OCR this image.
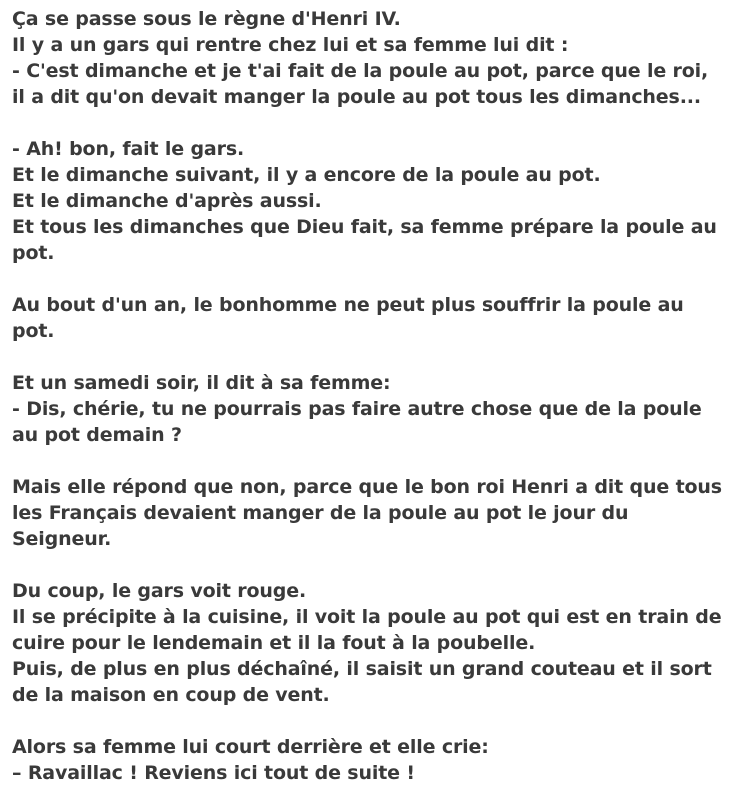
Ça se passe sous le règne d'Henri IV.
Il y a un gars qui rentre chez lui et sa femme lui dit :
- C'est dimanche et je t'ai fait de la poule au pot, parce que le roi,
il a dit qu'on devait manger la poule au pot tous les dimanches...
- Ah! bon, fait le gars.
Et le dimanche suivant, il y a encore de la poule au pot.
Et le dimanche d'après aussi.
Et tous les dimanches que Dieu fait, sa femme prépare la poule au
pot.
Au bout d'un an, le bonhomme ne peut plus souffrir la poule au
pot.
Et un samedi soir, il dit à sa femme:
- Dis, chérie, tu ne pourrais pas faire autre chose que de la poule
au pot demain ?
Mais elle répond que non, parce que le bon roi Henri a dit que tous
les Français devaient manger de la poule au pot le jour du
Seigneur.
Du coup, le gars voit rouge.
Il se précipite à la cuisine, il voit la poule au pot qui est en train de
cuire pour le lendemain et il la fout à la poubelle.
Puis, de plus en plus déchaîné, il saisit un grand couteau et il sort
de la maison en coup de vent.
Alors sa femme lui court derrière et elle crie:
– Ravaillac ! Reviens ici tout de suite !
